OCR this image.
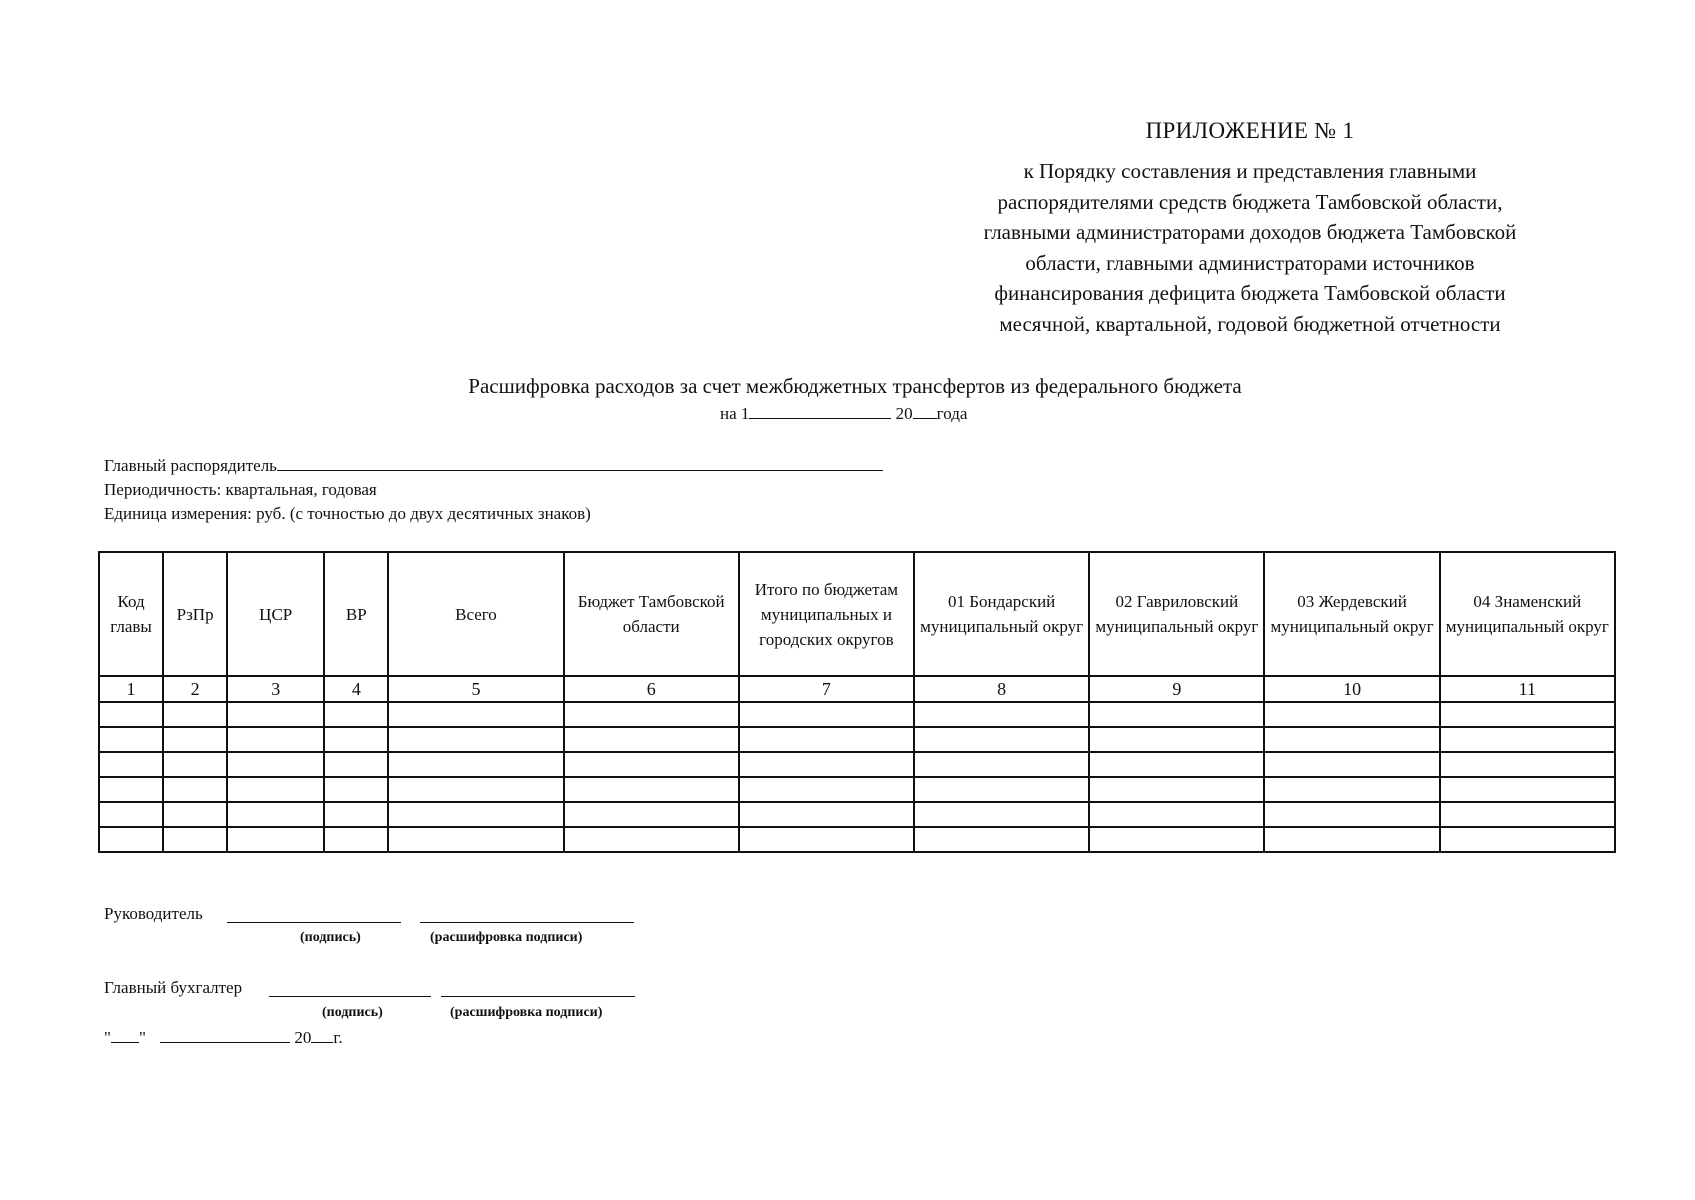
ПРИЛОЖЕНИЕ № 1
к Порядку составления и представления главными
распорядителями средств бюджета Тамбовской области,
главными администраторами доходов бюджета Тамбовской
области, главными администраторами источников
финансирования дефицита бюджета Тамбовской области
месячной, квартальной, годовой бюджетной отчетности
Расшифровка расходов за счет межбюджетных трансфертов из федерального бюджета
на 1	20 года
Главный распорядитель
Периодичность: квартальная, годовая
Единица измерения: руб. (с точностью до двух десятичных знаков)
Код главы	РзПр	ЦСР	ВР	Всего	Бюджет Тамбовской области	Итого по бюджетам муниципальных и городских округов	01 Бондарский муниципальный округ	02 Гавриловский муниципальный округ	03 Жердевский муниципальный округ	04 Знаменский муниципальный округ
1	2	3	4	5	6	7	8	9	10	11

Руководитель
(подпись)	(расшифровка подписи)
Главный бухгалтер
(подпись)	(расшифровка подписи)
" "	20 г.
